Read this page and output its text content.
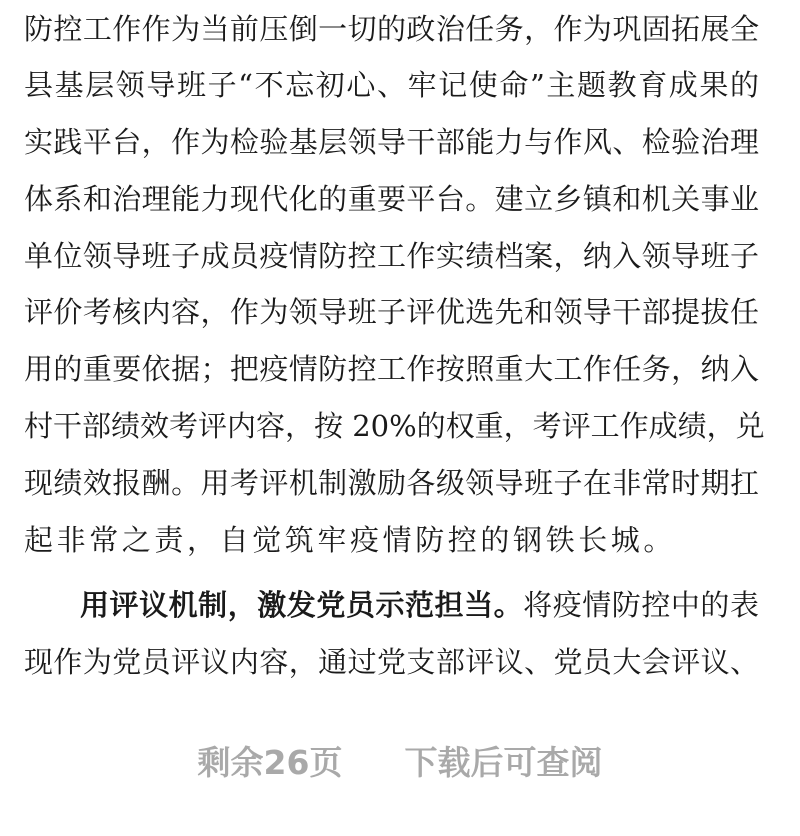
防控工作作为当前压倒一切的政治任务，作为巩固拓展全
县基层领导班子“不忘初心、牢记使命”主题教育成果的
实践平台，作为检验基层领导干部能力与作风、检验治理
体系和治理能力现代化的重要平台。建立乡镇和机关事业
单位领导班子成员疫情防控工作实绩档案，纳入领导班子
评价考核内容，作为领导班子评优选先和领导干部提拔任
用的重要依据；把疫情防控工作按照重大工作任务，纳入
村干部绩效考评内容，按 20%的权重，考评工作成绩，兑
现绩效报酬。用考评机制激励各级领导班子在非常时期扛
起非常之责，自觉筑牢疫情防控的钢铁长城。
用评议机制，激发党员示范担当。将疫情防控中的表
现作为党员评议内容，通过党支部评议、党员大会评议、
剩余26页 下载后可查阅
